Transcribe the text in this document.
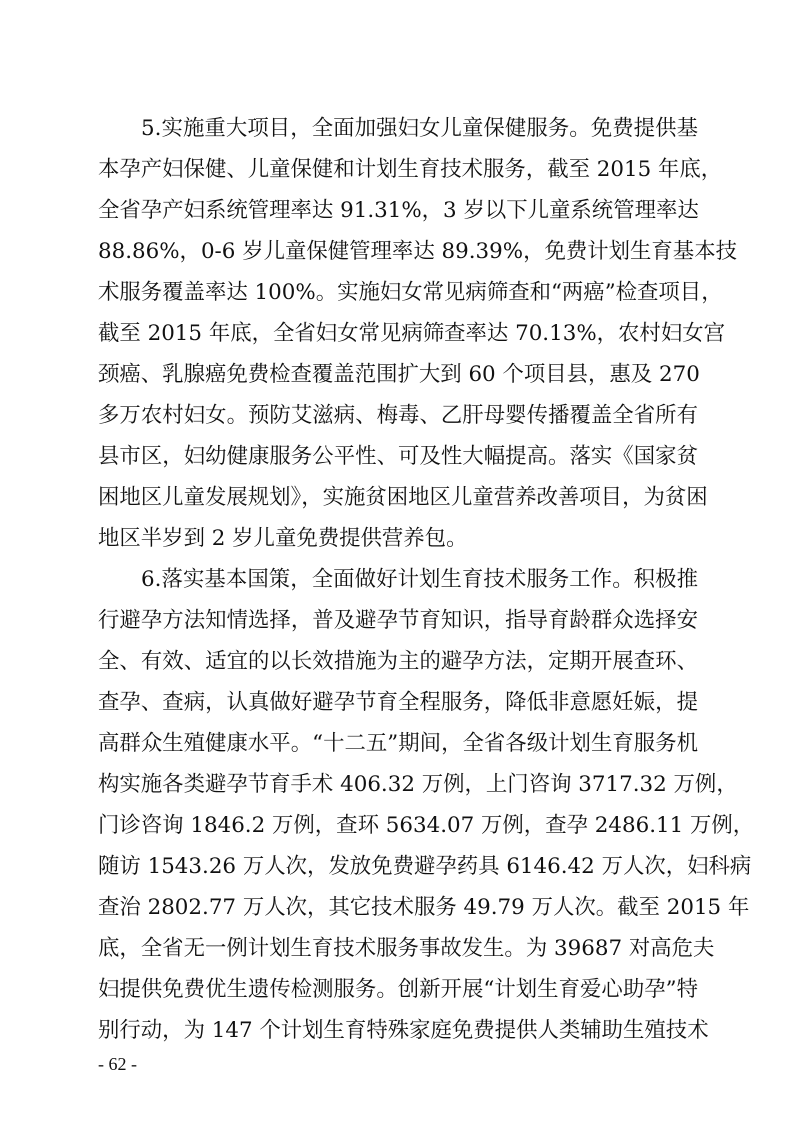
5.实施重大项目，全面加强妇女儿童保健服务。免费提供基
本孕产妇保健、儿童保健和计划生育技术服务，截至 2015 年底，
全省孕产妇系统管理率达 91.31%，3 岁以下儿童系统管理率达
88.86%，0-6 岁儿童保健管理率达 89.39%，免费计划生育基本技
术服务覆盖率达 100%。实施妇女常见病筛查和“两癌”检查项目，
截至 2015 年底，全省妇女常见病筛查率达 70.13%，农村妇女宫
颈癌、乳腺癌免费检查覆盖范围扩大到 60 个项目县，惠及 270
多万农村妇女。预防艾滋病、梅毒、乙肝母婴传播覆盖全省所有
县市区，妇幼健康服务公平性、可及性大幅提高。落实《国家贫
困地区儿童发展规划》，实施贫困地区儿童营养改善项目，为贫困
地区半岁到 2 岁儿童免费提供营养包。
6.落实基本国策，全面做好计划生育技术服务工作。积极推
行避孕方法知情选择，普及避孕节育知识，指导育龄群众选择安
全、有效、适宜的以长效措施为主的避孕方法，定期开展查环、
查孕、查病，认真做好避孕节育全程服务，降低非意愿妊娠，提
高群众生殖健康水平。“十二五”期间，全省各级计划生育服务机
构实施各类避孕节育手术 406.32 万例，上门咨询 3717.32 万例，
门诊咨询 1846.2 万例，查环 5634.07 万例，查孕 2486.11 万例，
随访 1543.26 万人次，发放免费避孕药具 6146.42 万人次，妇科病
查治 2802.77 万人次，其它技术服务 49.79 万人次。截至 2015 年
底，全省无一例计划生育技术服务事故发生。为 39687 对高危夫
妇提供免费优生遗传检测服务。创新开展“计划生育爱心助孕”特
- 62 -
别行动，为 147 个计划生育特殊家庭免费提供人类辅助生殖技术
